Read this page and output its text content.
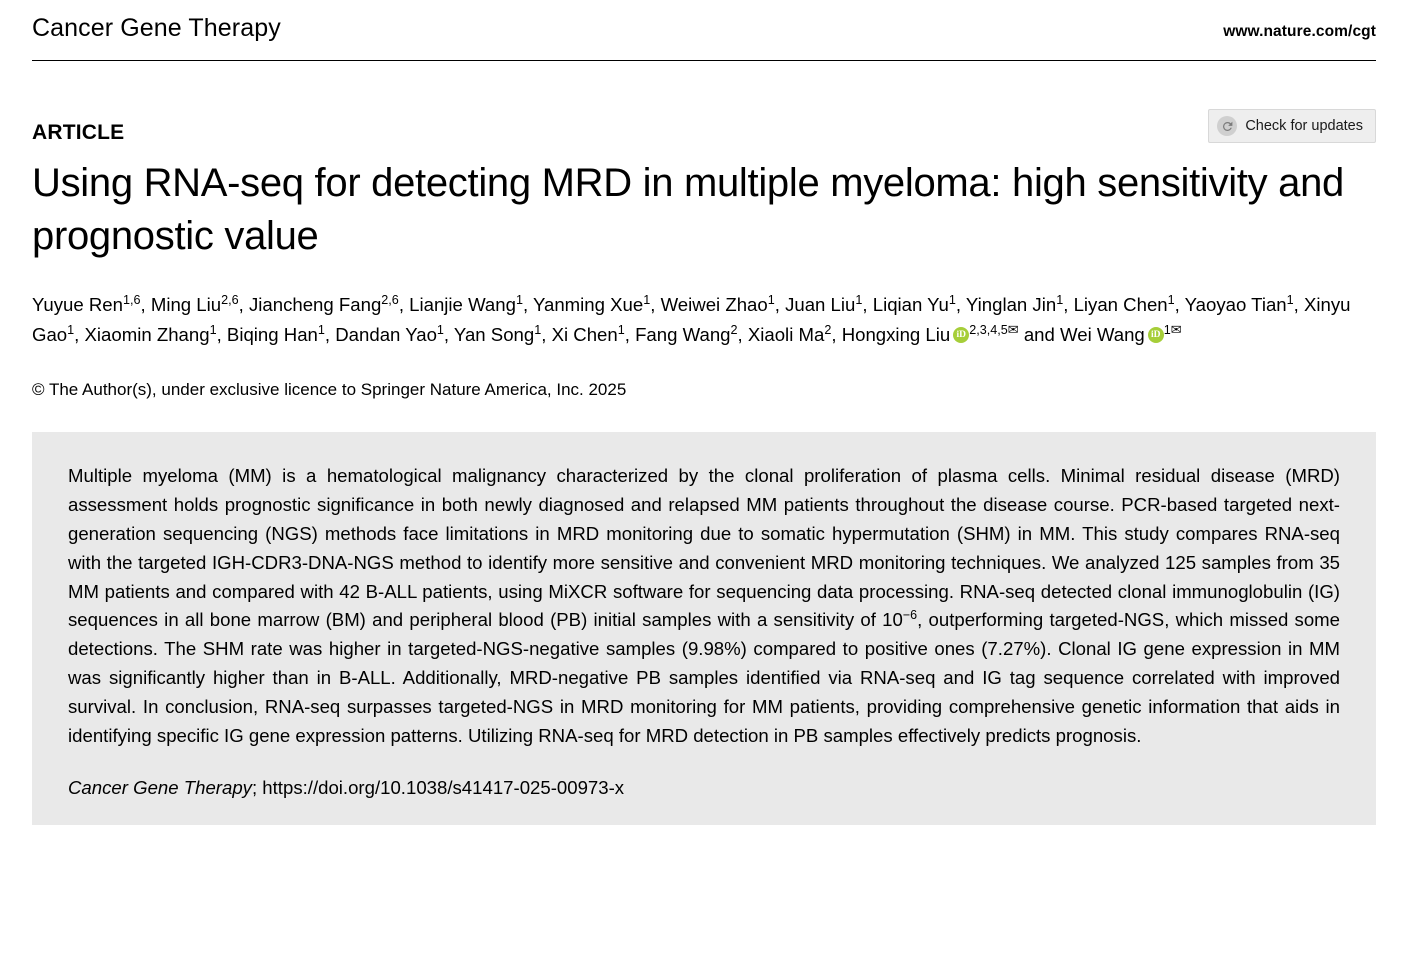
Cancer Gene Therapy	www.nature.com/cgt
Check for updates
ARTICLE
Using RNA-seq for detecting MRD in multiple myeloma: high sensitivity and prognostic value
Yuyue Ren$^{1,6}$, Ming Liu$^{2,6}$, Jiancheng Fang$^{2,6}$, Lianjie Wang$^1$, Yanming Xue$^1$, Weiwei Zhao$^1$, Juan Liu$^1$, Liqian Yu$^1$, Yinglan Jin$^1$, Liyan Chen$^1$, Yaoyao Tian$^1$, Xinyu Gao$^1$, Xiaomin Zhang$^1$, Biqing Han$^1$, Dandan Yao$^1$, Yan Song$^1$, Xi Chen$^1$, Fang Wang$^2$, Xiaoli Ma$^2$, Hongxing Liu iD $^{2,3,4,5✉}$ and Wei Wang iD $^{1✉}$
© The Author(s), under exclusive licence to Springer Nature America, Inc. 2025

Multiple myeloma (MM) is a hematological malignancy characterized by the clonal proliferation of plasma cells. Minimal residual disease (MRD) assessment holds prognostic significance in both newly diagnosed and relapsed MM patients throughout the disease course. PCR-based targeted next-generation sequencing (NGS) methods face limitations in MRD monitoring due to somatic hypermutation (SHM) in MM. This study compares RNA-seq with the targeted IGH-CDR3-DNA-NGS method to identify more sensitive and convenient MRD monitoring techniques. We analyzed 125 samples from 35 MM patients and compared with 42 B-ALL patients, using MiXCR software for sequencing data processing. RNA-seq detected clonal immunoglobulin (IG) sequences in all bone marrow (BM) and peripheral blood (PB) initial samples with a sensitivity of $10^{-6}$, outperforming targeted-NGS, which missed some detections. The SHM rate was higher in targeted-NGS-negative samples (9.98%) compared to positive ones (7.27%). Clonal IG gene expression in MM was significantly higher than in B-ALL. Additionally, MRD-negative PB samples identified via RNA-seq and IG tag sequence correlated with improved survival. In conclusion, RNA-seq surpasses targeted-NGS in MRD monitoring for MM patients, providing comprehensive genetic information that aids in identifying specific IG gene expression patterns. Utilizing RNA-seq for MRD detection in PB samples effectively predicts prognosis.

Cancer Gene Therapy; https://doi.org/10.1038/s41417-025-00973-x
